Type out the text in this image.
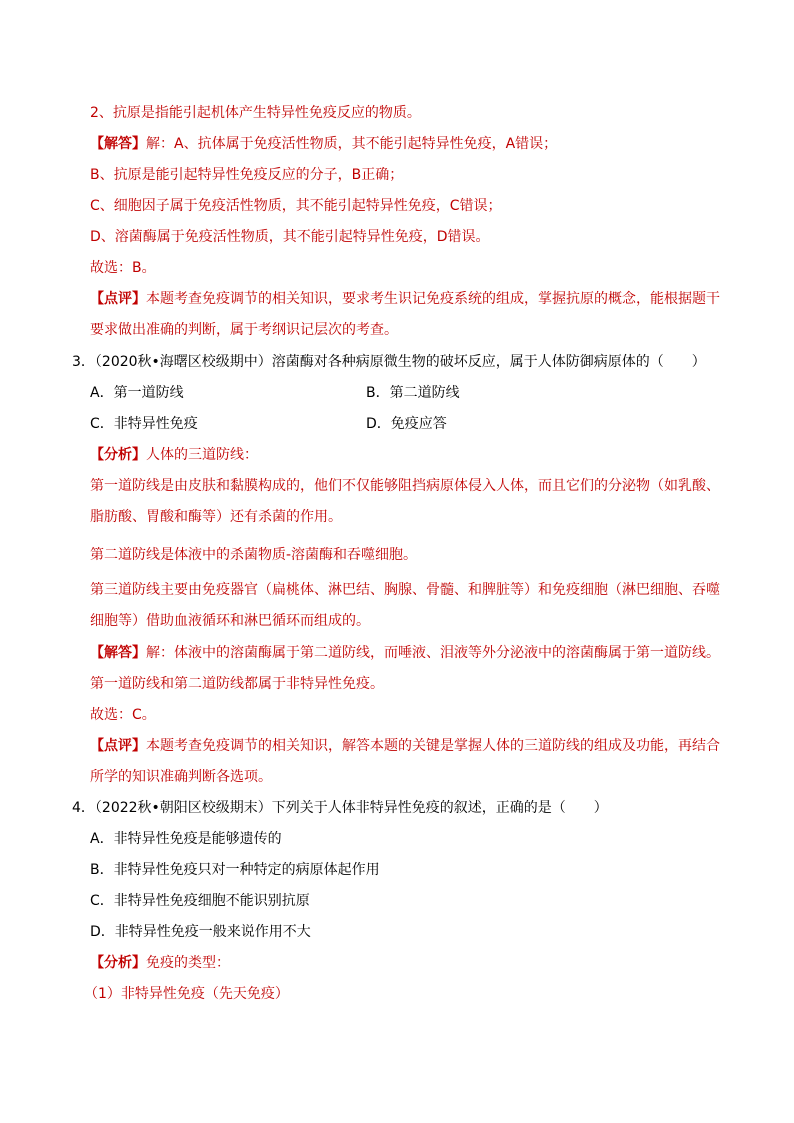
2、抗原是指能引起机体产生特异性免疫反应的物质。
【解答】解：A、抗体属于免疫活性物质，其不能引起特异性免疫，A错误；
B、抗原是能引起特异性免疫反应的分子，B正确；
C、细胞因子属于免疫活性物质，其不能引起特异性免疫，C错误；
D、溶菌酶属于免疫活性物质，其不能引起特异性免疫，D错误。
故选：B。
【点评】本题考查免疫调节的相关知识，要求考生识记免疫系统的组成，掌握抗原的概念，能根据题干
要求做出准确的判断，属于考纲识记层次的考查。
3．（2020秋•海曙区校级期中）溶菌酶对各种病原微生物的破坏反应，属于人体防御病原体的（　　）
A．第一道防线	B．第二道防线
C．非特异性免疫	D．免疫应答
【分析】人体的三道防线：
第一道防线是由皮肤和黏膜构成的，他们不仅能够阻挡病原体侵入人体，而且它们的分泌物（如乳酸、
脂肪酸、胃酸和酶等）还有杀菌的作用。
第二道防线是体液中的杀菌物质-溶菌酶和吞噬细胞。
第三道防线主要由免疫器官（扁桃体、淋巴结、胸腺、骨髓、和脾脏等）和免疫细胞（淋巴细胞、吞噬
细胞等）借助血液循环和淋巴循环而组成的。
【解答】解：体液中的溶菌酶属于第二道防线，而唾液、泪液等外分泌液中的溶菌酶属于第一道防线。
第一道防线和第二道防线都属于非特异性免疫。
故选：C。
【点评】本题考查免疫调节的相关知识，解答本题的关键是掌握人体的三道防线的组成及功能，再结合
所学的知识准确判断各选项。
4．（2022秋•朝阳区校级期末）下列关于人体非特异性免疫的叙述，正确的是（　　）
A．非特异性免疫是能够遗传的
B．非特异性免疫只对一种特定的病原体起作用
C．非特异性免疫细胞不能识别抗原
D．非特异性免疫一般来说作用不大
【分析】免疫的类型：
（1）非特异性免疫（先天免疫）
